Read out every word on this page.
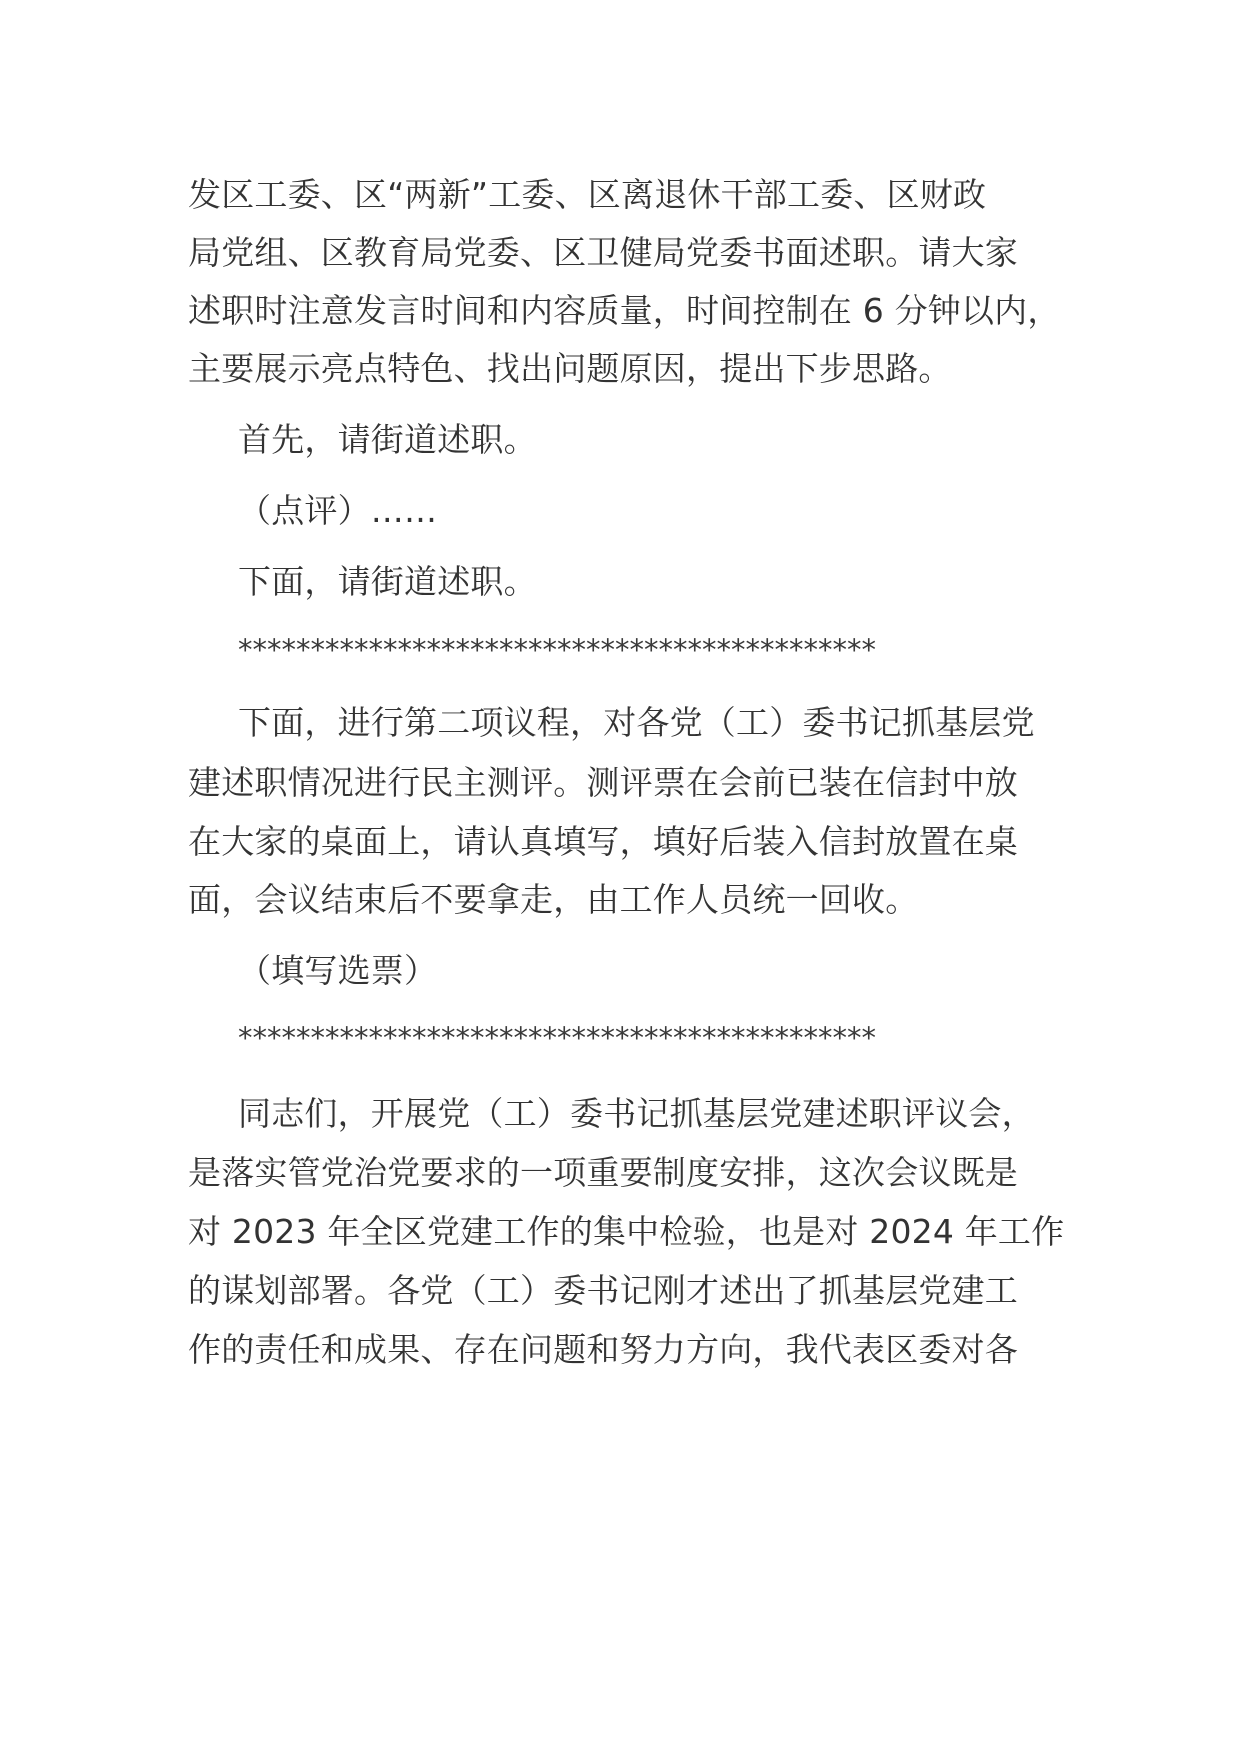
发区工委、区“两新”工委、区离退休干部工委、区财政
局党组、区教育局党委、区卫健局党委书面述职。请大家
述职时注意发言时间和内容质量，时间控制在 6 分钟以内，
主要展示亮点特色、找出问题原因，提出下步思路。
首先，请街道述职。
（点评）……
下面，请街道述职。
********************************************
下面，进行第二项议程，对各党（工）委书记抓基层党
建述职情况进行民主测评。测评票在会前已装在信封中放
在大家的桌面上，请认真填写，填好后装入信封放置在桌
面，会议结束后不要拿走，由工作人员统一回收。
（填写选票）
********************************************
同志们，开展党（工）委书记抓基层党建述职评议会，
是落实管党治党要求的一项重要制度安排，这次会议既是
对 2023 年全区党建工作的集中检验，也是对 2024 年工作
的谋划部署。各党（工）委书记刚才述出了抓基层党建工
作的责任和成果、存在问题和努力方向，我代表区委对各
